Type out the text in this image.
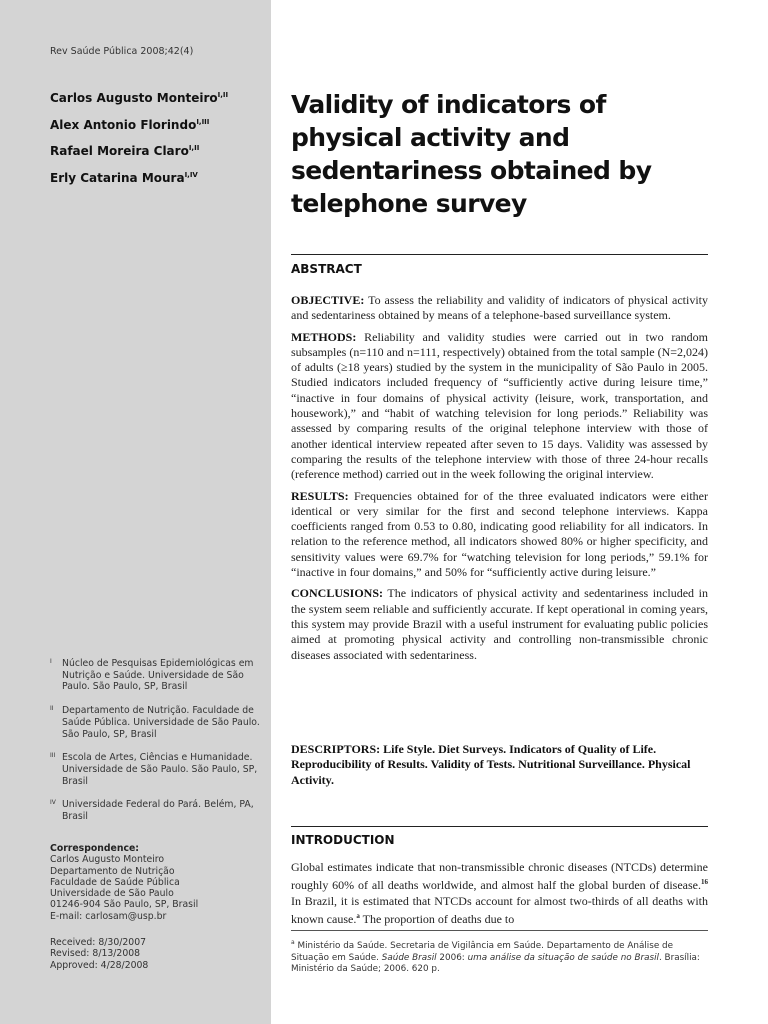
Rev Saúde Pública 2008;42(4)
Carlos Augusto Monteiro$^{I,II}$
Alex Antonio Florindo$^{I,III}$
Rafael Moreira Claro$^{I,II}$
Erly Catarina Moura$^{I,IV}$
I Núcleo de Pesquisas Epidemiológicas em Nutrição e Saúde. Universidade de São Paulo. São Paulo, SP, Brasil
II Departamento de Nutrição. Faculdade de Saúde Pública. Universidade de São Paulo. São Paulo, SP, Brasil
III Escola de Artes, Ciências e Humanidade. Universidade de São Paulo. São Paulo, SP, Brasil
IV Universidade Federal do Pará. Belém, PA, Brasil
Correspondence:
Carlos Augusto Monteiro
Departamento de Nutrição
Faculdade de Saúde Pública
Universidade de São Paulo
01246-904 São Paulo, SP, Brasil
E-mail: carlosam@usp.br
Received: 8/30/2007
Revised: 8/13/2008
Approved: 4/28/2008
Validity of indicators of physical activity and sedentariness obtained by telephone survey
ABSTRACT

OBJECTIVE: To assess the reliability and validity of indicators of physical activity and sedentariness obtained by means of a telephone-based surveillance system.

METHODS: Reliability and validity studies were carried out in two random subsamples (n=110 and n=111, respectively) obtained from the total sample (N=2,024) of adults (≥18 years) studied by the system in the municipality of São Paulo in 2005. Studied indicators included frequency of “sufficiently active during leisure time,” “inactive in four domains of physical activity (leisure, work, transportation, and housework),” and “habit of watching television for long periods.” Reliability was assessed by comparing results of the original telephone interview with those of another identical interview repeated after seven to 15 days. Validity was assessed by comparing the results of the telephone interview with those of three 24-hour recalls (reference method) carried out in the week following the original interview.

RESULTS: Frequencies obtained for of the three evaluated indicators were either identical or very similar for the first and second telephone interviews. Kappa coefficients ranged from 0.53 to 0.80, indicating good reliability for all indicators. In relation to the reference method, all indicators showed 80% or higher specificity, and sensitivity values were 69.7% for “watching television for long periods,” 59.1% for “inactive in four domains,” and 50% for “sufficiently active during leisure.”

CONCLUSIONS: The indicators of physical activity and sedentariness included in the system seem reliable and sufficiently accurate. If kept operational in coming years, this system may provide Brazil with a useful instrument for evaluating public policies aimed at promoting physical activity and controlling non-transmissible chronic diseases associated with sedentariness.

DESCRIPTORS: Life Style. Diet Surveys. Indicators of Quality of Life. Reproducibility of Results. Validity of Tests. Nutritional Surveillance. Physical Activity.

INTRODUCTION

Global estimates indicate that non-transmissible chronic diseases (NTCDs) determine roughly 60% of all deaths worldwide, and almost half the global burden of disease.$^{16}$ In Brazil, it is estimated that NTCDs account for almost two-thirds of all deaths with known cause.$^a$ The proportion of deaths due to

$^a$ Ministério da Saúde. Secretaria de Vigilância em Saúde. Departamento de Análise de Situação em Saúde. Saúde Brasil 2006: uma análise da situação de saúde no Brasil. Brasília: Ministério da Saúde; 2006. 620 p.
